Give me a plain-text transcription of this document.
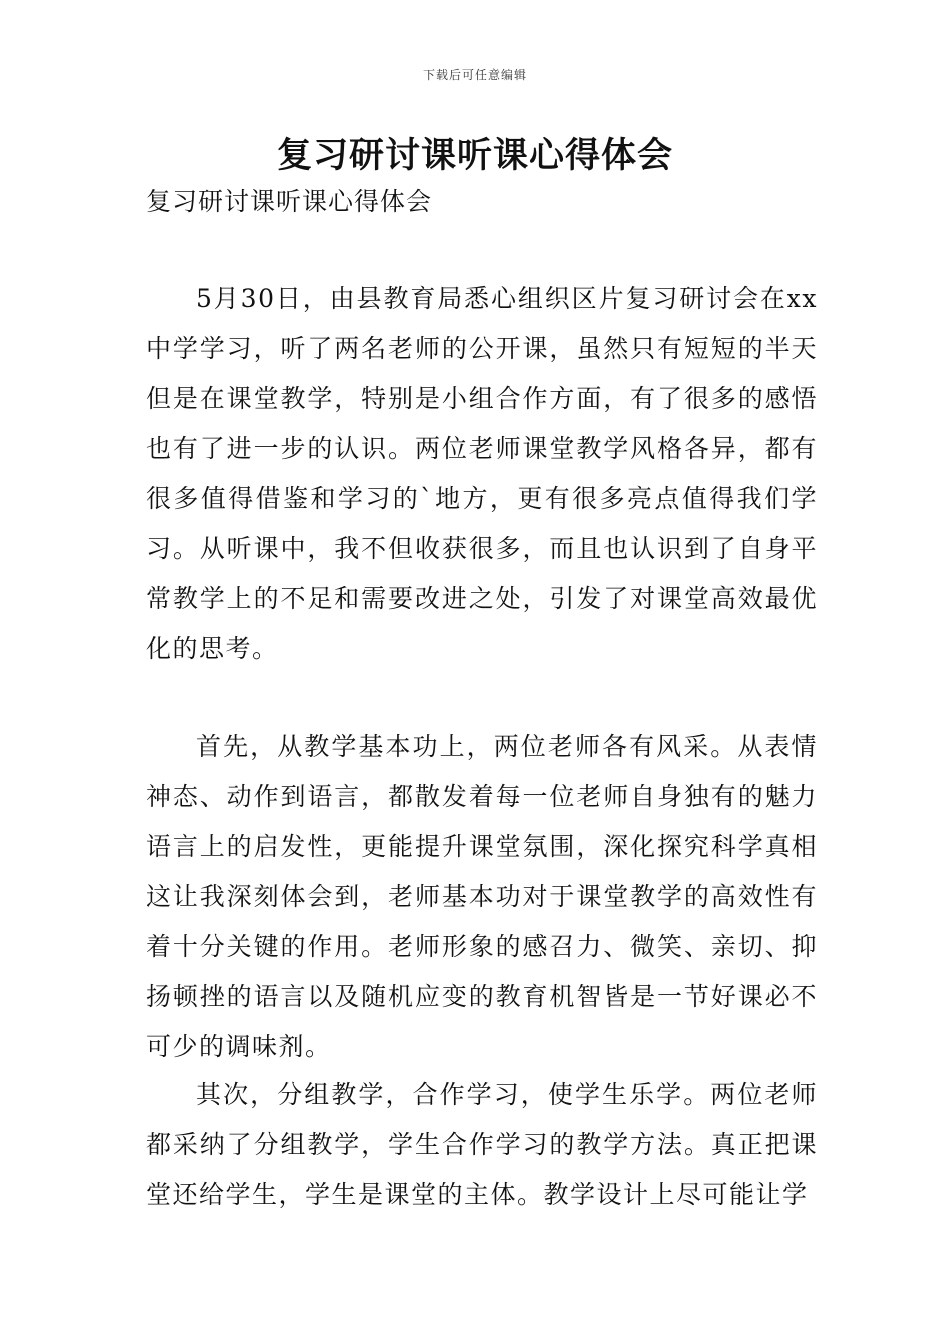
下载后可任意编辑
复习研讨课听课心得体会
复习研讨课听课心得体会

5月30日，由县教育局悉心组织区片复习研讨会在xx中学学习，听了两名老师的公开课，虽然只有短短的半天但是在课堂教学，特别是小组合作方面，有了很多的感悟也有了进一步的认识。两位老师课堂教学风格各异，都有很多值得借鉴和学习的`地方，更有很多亮点值得我们学习。从听课中，我不但收获很多，而且也认识到了自身平常教学上的不足和需要改进之处，引发了对课堂高效最优化的思考。

首先，从教学基本功上，两位老师各有风采。从表情神态、动作到语言，都散发着每一位老师自身独有的魅力语言上的启发性，更能提升课堂氛围，深化探究科学真相这让我深刻体会到，老师基本功对于课堂教学的高效性有着十分关键的作用。老师形象的感召力、微笑、亲切、抑扬顿挫的语言以及随机应变的教育机智皆是一节好课必不可少的调味剂。

其次，分组教学，合作学习，使学生乐学。两位老师都采纳了分组教学，学生合作学习的教学方法。真正把课堂还给学生，学生是课堂的主体。教学设计上尽可能让学
